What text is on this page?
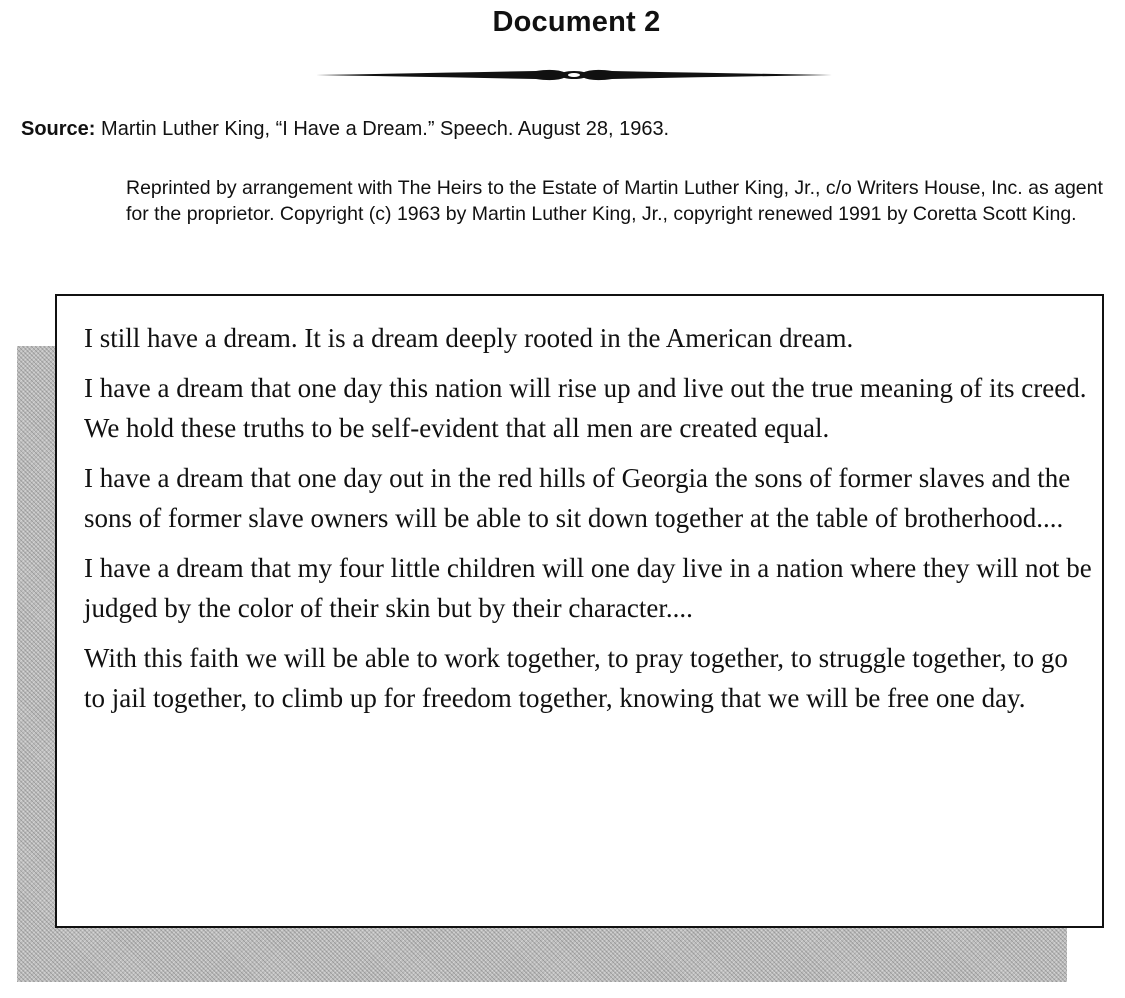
Document 2
Source: Martin Luther King, “I Have a Dream.” Speech. August 28, 1963.
Reprinted by arrangement with The Heirs to the Estate of Martin Luther King, Jr., c/o Writers House, Inc. as agent for the proprietor. Copyright (c) 1963 by Martin Luther King, Jr., copyright renewed 1991 by Coretta Scott King.

I still have a dream. It is a dream deeply rooted in the American dream.

I have a dream that one day this nation will rise up and live out the true meaning of its creed. We hold these truths to be self-evident that all men are created equal.

I have a dream that one day out in the red hills of Georgia the sons of former slaves and the sons of former slave owners will be able to sit down together at the table of brotherhood....

I have a dream that my four little children will one day live in a nation where they will not be judged by the color of their skin but by their character....

With this faith we will be able to work together, to pray together, to struggle together, to go to jail together, to climb up for freedom together, knowing that we will be free one day.
